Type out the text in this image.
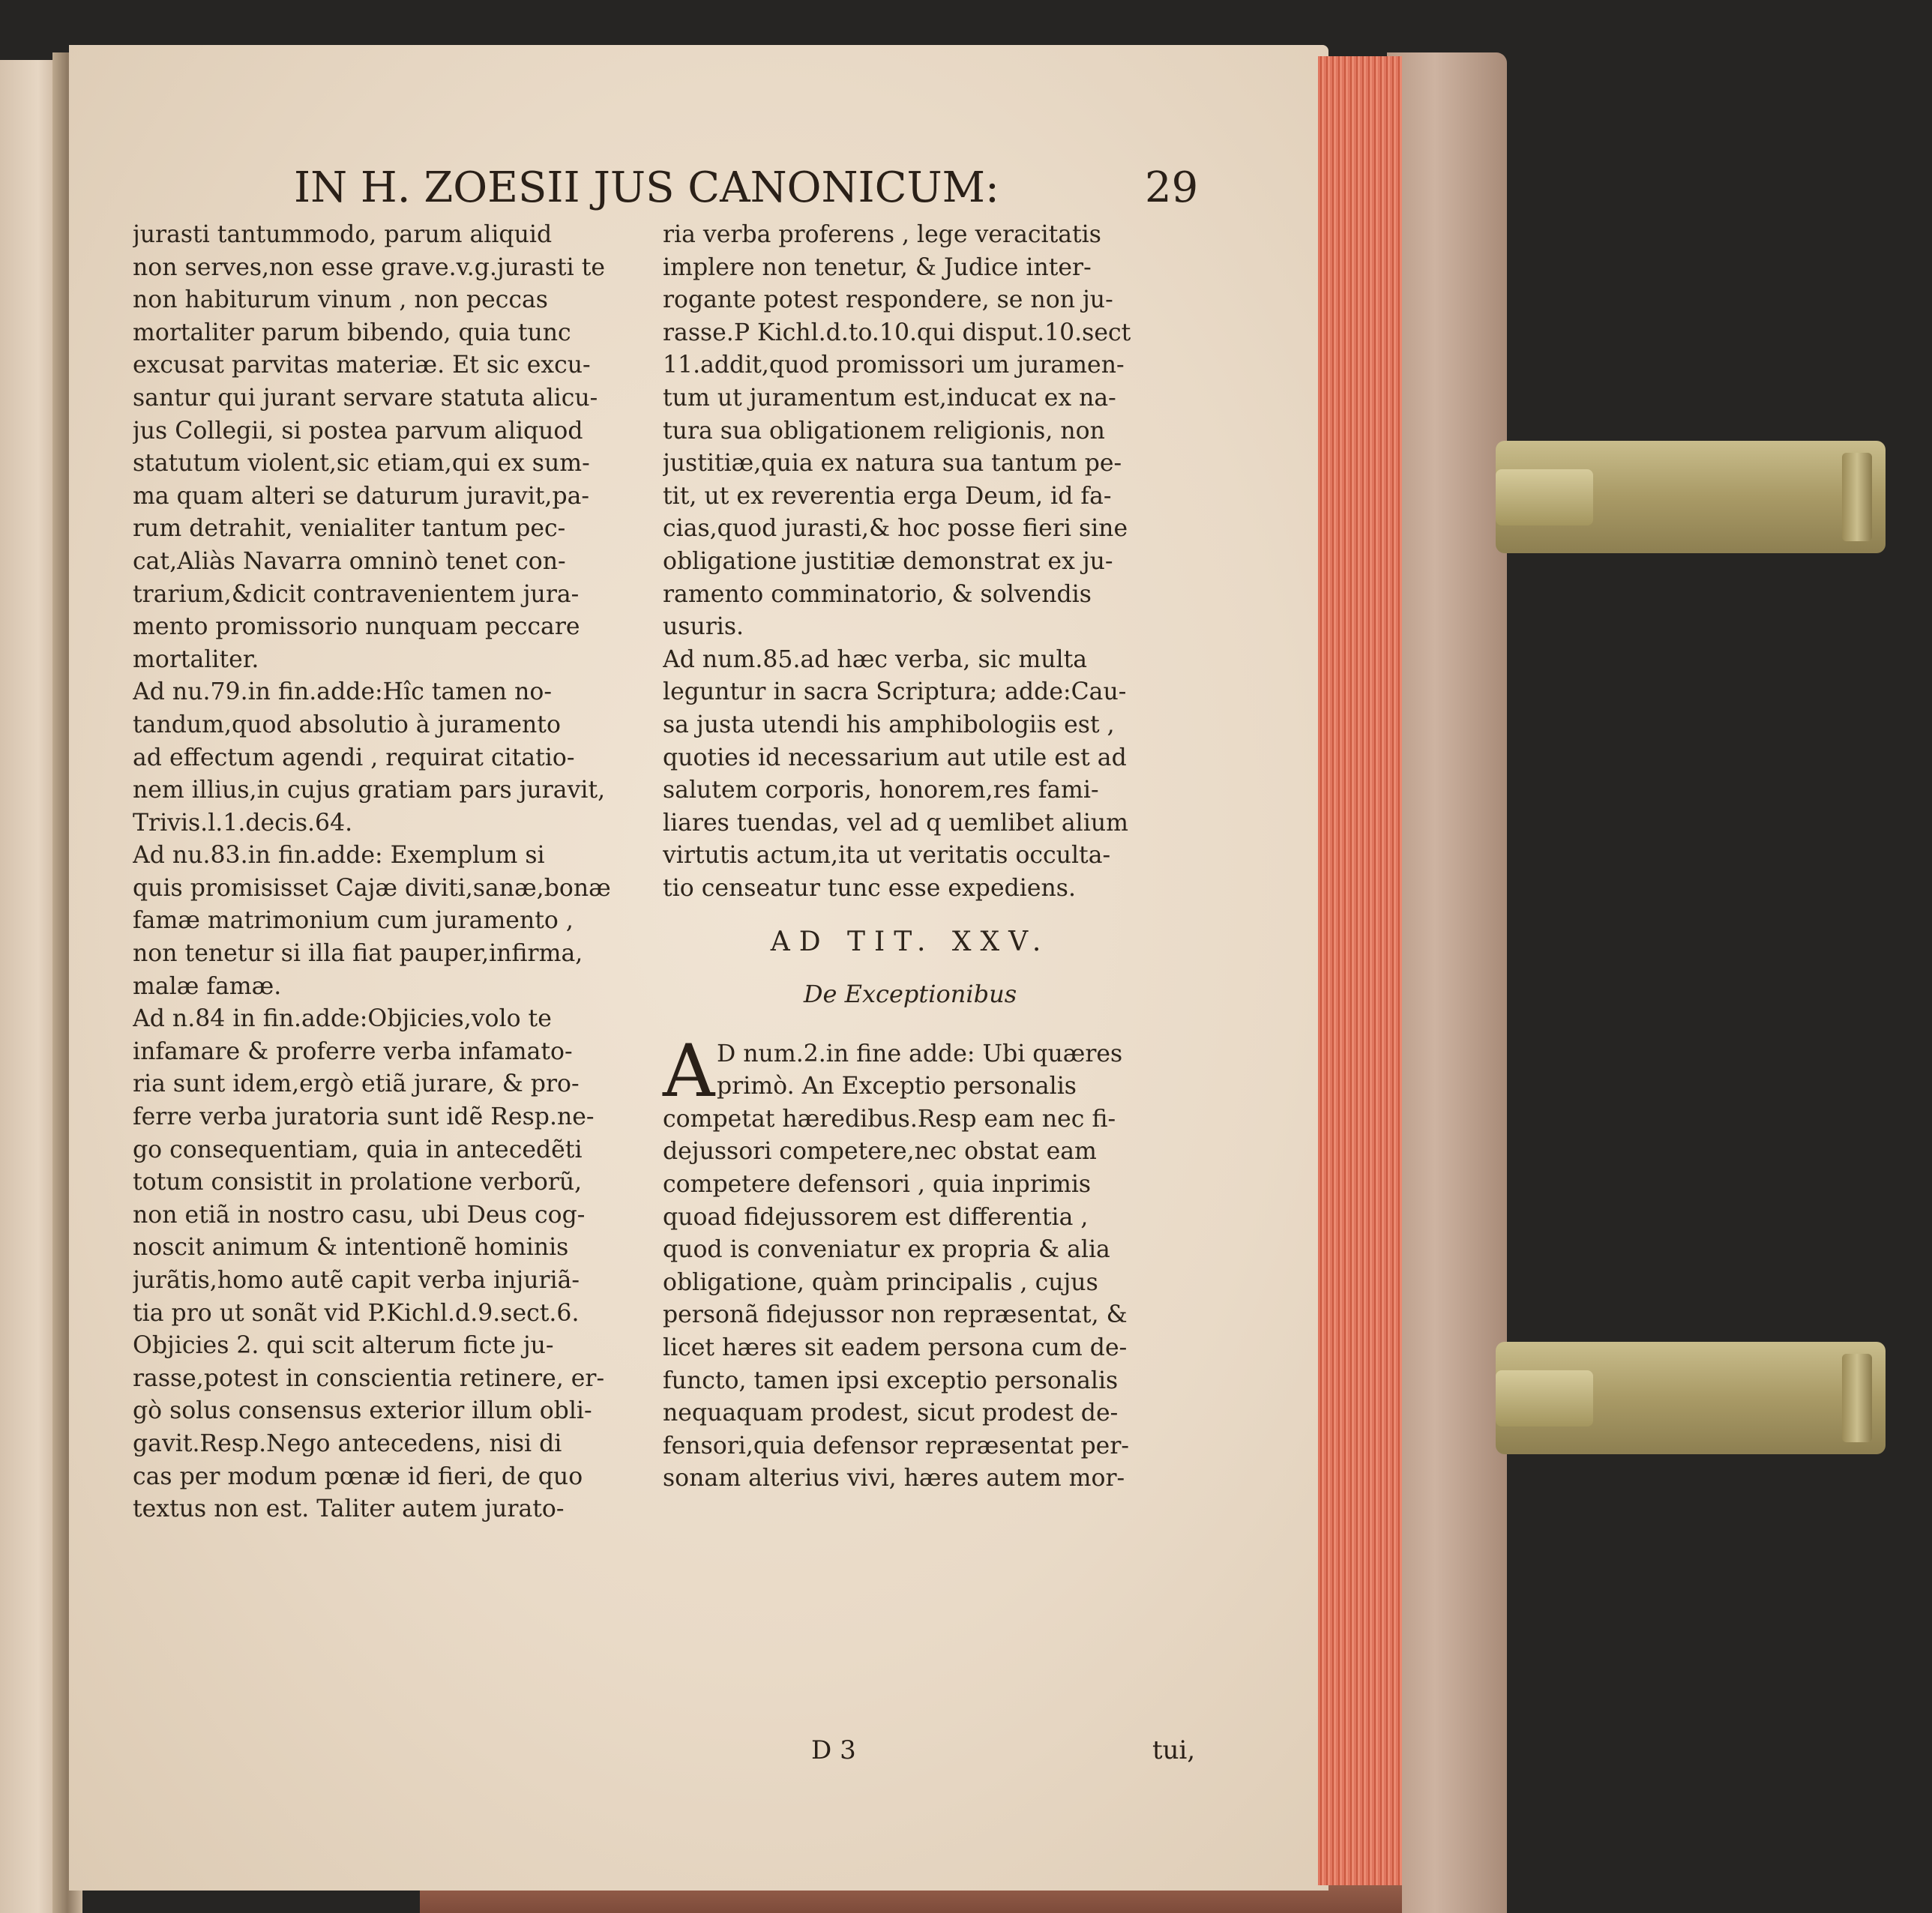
IN H. ZOESII JUS CANONICUM:	29
jurasti tantummodo, parum aliquid
non serves,non esse grave.v.g.jurasti te
non habiturum vinum , non peccas
mortaliter parum bibendo, quia tunc
excusat parvitas materiæ. Et sic excu-
santur qui jurant servare statuta alicu-
jus Collegii, si postea parvum aliquod
statutum violent,sic etiam,qui ex sum-
ma quam alteri se daturum juravit,pa-
rum detrahit, venialiter tantum pec-
cat,Aliàs Navarra omninò tenet con-
trarium,&dicit contravenientem jura-
mento promissorio nunquam peccare
mortaliter.
Ad nu.79.in fin.adde:Hîc tamen no-
tandum,quod absolutio à juramento
ad effectum agendi , requirat citatio-
nem illius,in cujus gratiam pars juravit,
Trivis.l.1.decis.64.
Ad nu.83.in fin.adde: Exemplum si
quis promisisset Cajæ diviti,sanæ,bonæ
famæ matrimonium cum juramento ,
non tenetur si illa fiat pauper,infirma,
malæ famæ.
Ad n.84 in fin.adde:Objicies,volo te
infamare & proferre verba infamato-
ria sunt idem,ergò etiã jurare, & pro-
ferre verba juratoria sunt idẽ Resp.ne-
go consequentiam, quia in antecedẽti
totum consistit in prolatione verborũ,
non etiã in nostro casu, ubi Deus cog-
noscit animum & intentionẽ hominis
jurãtis,homo autẽ capit verba injuriã-
tia pro ut sonãt vid P.Kichl.d.9.sect.6.
Objicies 2. qui scit alterum ficte ju-
rasse,potest in conscientia retinere, er-
gò solus consensus exterior illum obli-
gavit.Resp.Nego antecedens, nisi di
cas per modum pœnæ id fieri, de quo
textus non est. Taliter autem jurato-
ria verba proferens , lege veracitatis
implere non tenetur, & Judice inter-
rogante potest respondere, se non ju-
rasse.P Kichl.d.to.10.qui disput.10.sect
11.addit,quod promissori um juramen-
tum ut juramentum est,inducat ex na-
tura sua obligationem religionis, non
justitiæ,quia ex natura sua tantum pe-
tit, ut ex reverentia erga Deum, id fa-
cias,quod jurasti,& hoc posse fieri sine
obligatione justitiæ demonstrat ex ju-
ramento comminatorio, & solvendis
usuris.
Ad num.85.ad hæc verba, sic multa
leguntur in sacra Scriptura; adde:Cau-
sa justa utendi his amphibologiis est ,
quoties id necessarium aut utile est ad
salutem corporis, honorem,res fami-
liares tuendas, vel ad q uemlibet alium
virtutis actum,ita ut veritatis occulta-
tio censeatur tunc esse expediens.
AD TIT. XXV.
De Exceptionibus
A D num.2.in fine adde: Ubi quæres
primò. An Exceptio personalis
competat hæredibus.Resp eam nec fi-
dejussori competere,nec obstat eam
competere defensori , quia inprimis
quoad fidejussorem est differentia ,
quod is conveniatur ex propria & alia
obligatione, quàm principalis , cujus
personã fidejussor non repræsentat, &
licet hæres sit eadem persona cum de-
functo, tamen ipsi exceptio personalis
nequaquam prodest, sicut prodest de-
fensori,quia defensor repræsentat per-
sonam alterius vivi, hæres autem mor-
D 3	tui,
